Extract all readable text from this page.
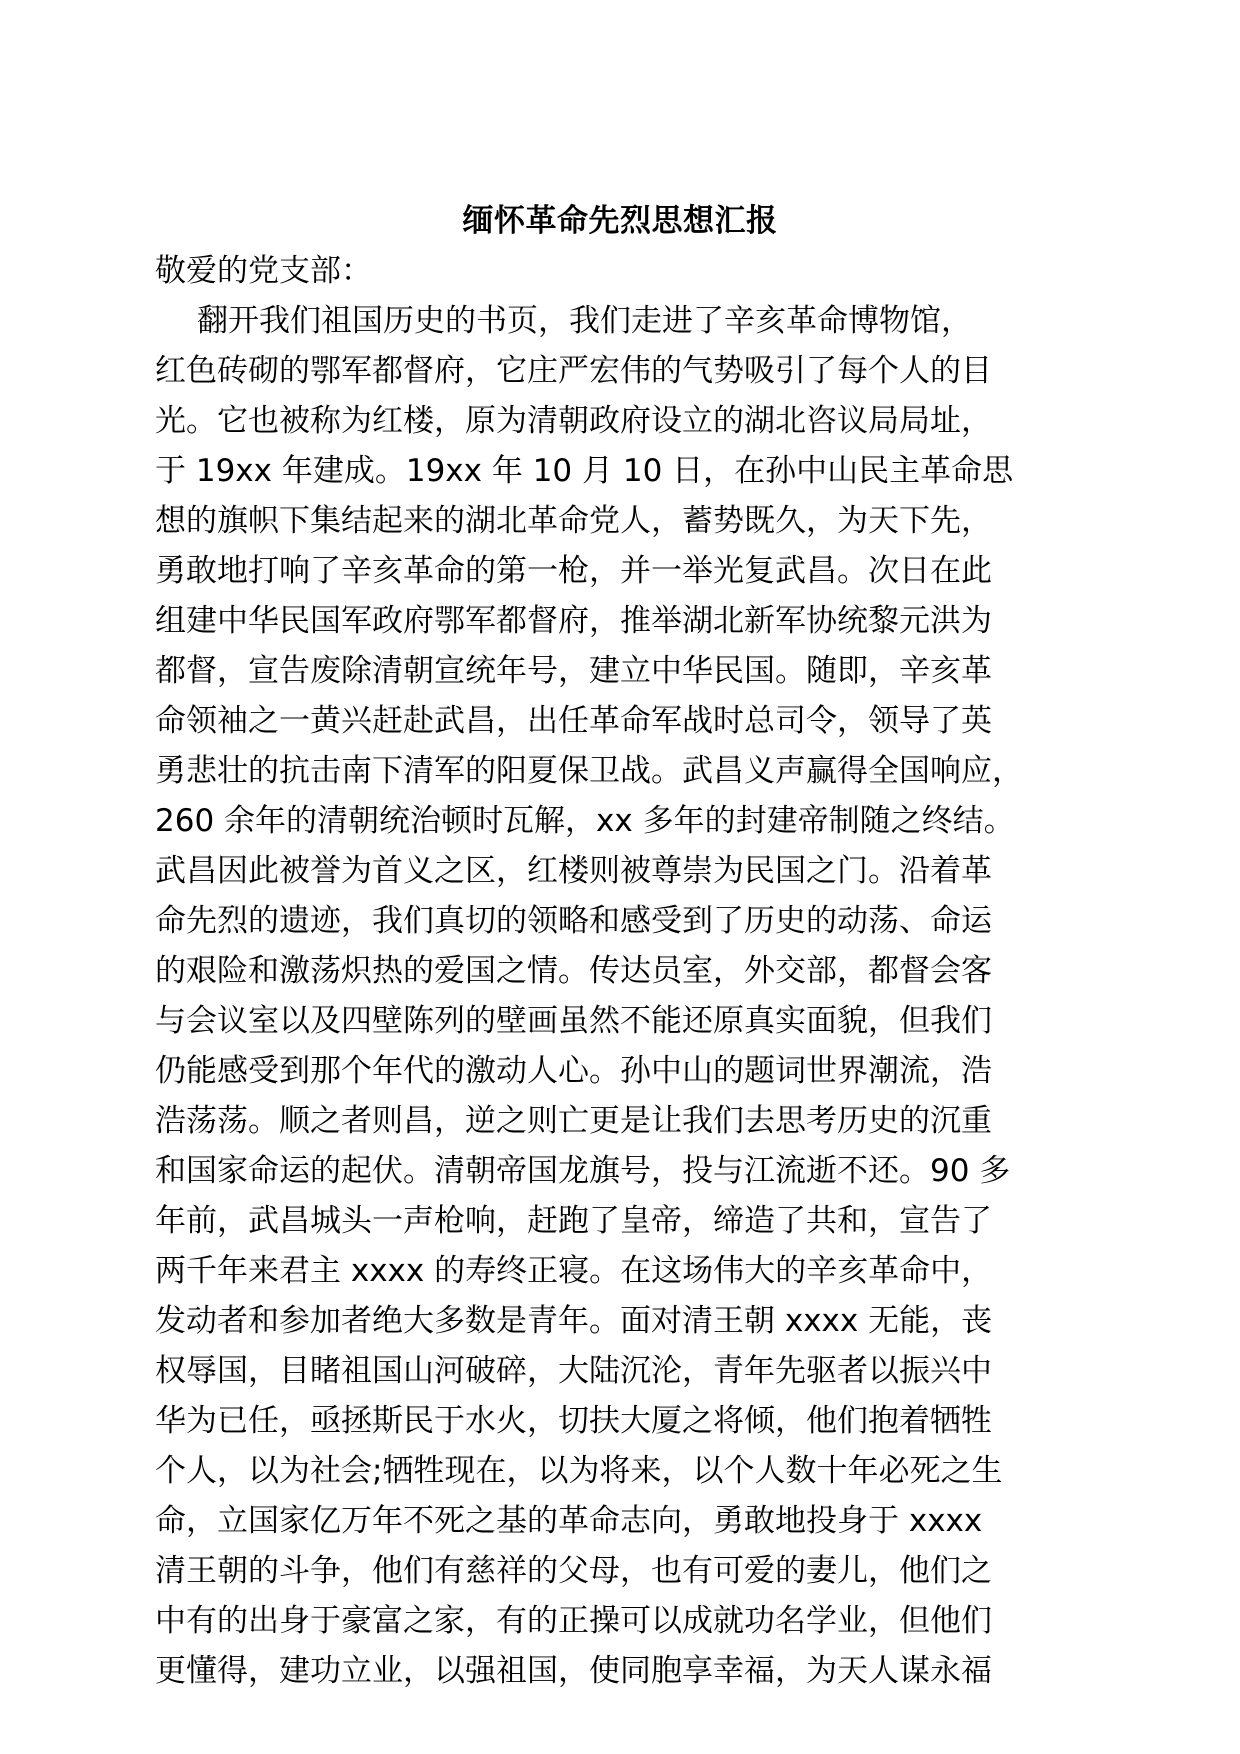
缅怀革命先烈思想汇报
敬爱的党支部：
翻开我们祖国历史的书页，我们走进了辛亥革命博物馆，
红色砖砌的鄂军都督府，它庄严宏伟的气势吸引了每个人的目
光。它也被称为红楼，原为清朝政府设立的湖北咨议局局址，
于 19xx 年建成。19xx 年 10 月 10 日，在孙中山民主革命思
想的旗帜下集结起来的湖北革命党人，蓄势既久，为天下先，
勇敢地打响了辛亥革命的第一枪，并一举光复武昌。次日在此
组建中华民国军政府鄂军都督府，推举湖北新军协统黎元洪为
都督，宣告废除清朝宣统年号，建立中华民国。随即，辛亥革
命领袖之一黄兴赶赴武昌，出任革命军战时总司令，领导了英
勇悲壮的抗击南下清军的阳夏保卫战。武昌义声赢得全国响应，
260 余年的清朝统治顿时瓦解，xx 多年的封建帝制随之终结。
武昌因此被誉为首义之区，红楼则被尊崇为民国之门。沿着革
命先烈的遗迹，我们真切的领略和感受到了历史的动荡、命运
的艰险和激荡炽热的爱国之情。传达员室，外交部，都督会客
与会议室以及四壁陈列的壁画虽然不能还原真实面貌，但我们
仍能感受到那个年代的激动人心。孙中山的题词世界潮流，浩
浩荡荡。顺之者则昌，逆之则亡更是让我们去思考历史的沉重
和国家命运的起伏。清朝帝国龙旗号，投与江流逝不还。90 多
年前，武昌城头一声枪响，赶跑了皇帝，缔造了共和，宣告了
两千年来君主 xxxx 的寿终正寝。在这场伟大的辛亥革命中，
发动者和参加者绝大多数是青年。面对清王朝 xxxx 无能，丧
权辱国，目睹祖国山河破碎，大陆沉沦，青年先驱者以振兴中
华为已任，亟拯斯民于水火，切扶大厦之将倾，他们抱着牺牲
个人，以为社会;牺牲现在，以为将来，以个人数十年必死之生
命，立国家亿万年不死之基的革命志向，勇敢地投身于 xxxx
清王朝的斗争，他们有慈祥的父母，也有可爱的妻儿，他们之
中有的出身于豪富之家，有的正操可以成就功名学业，但他们
更懂得，建功立业，以强祖国，使同胞享幸福，为天人谋永福
